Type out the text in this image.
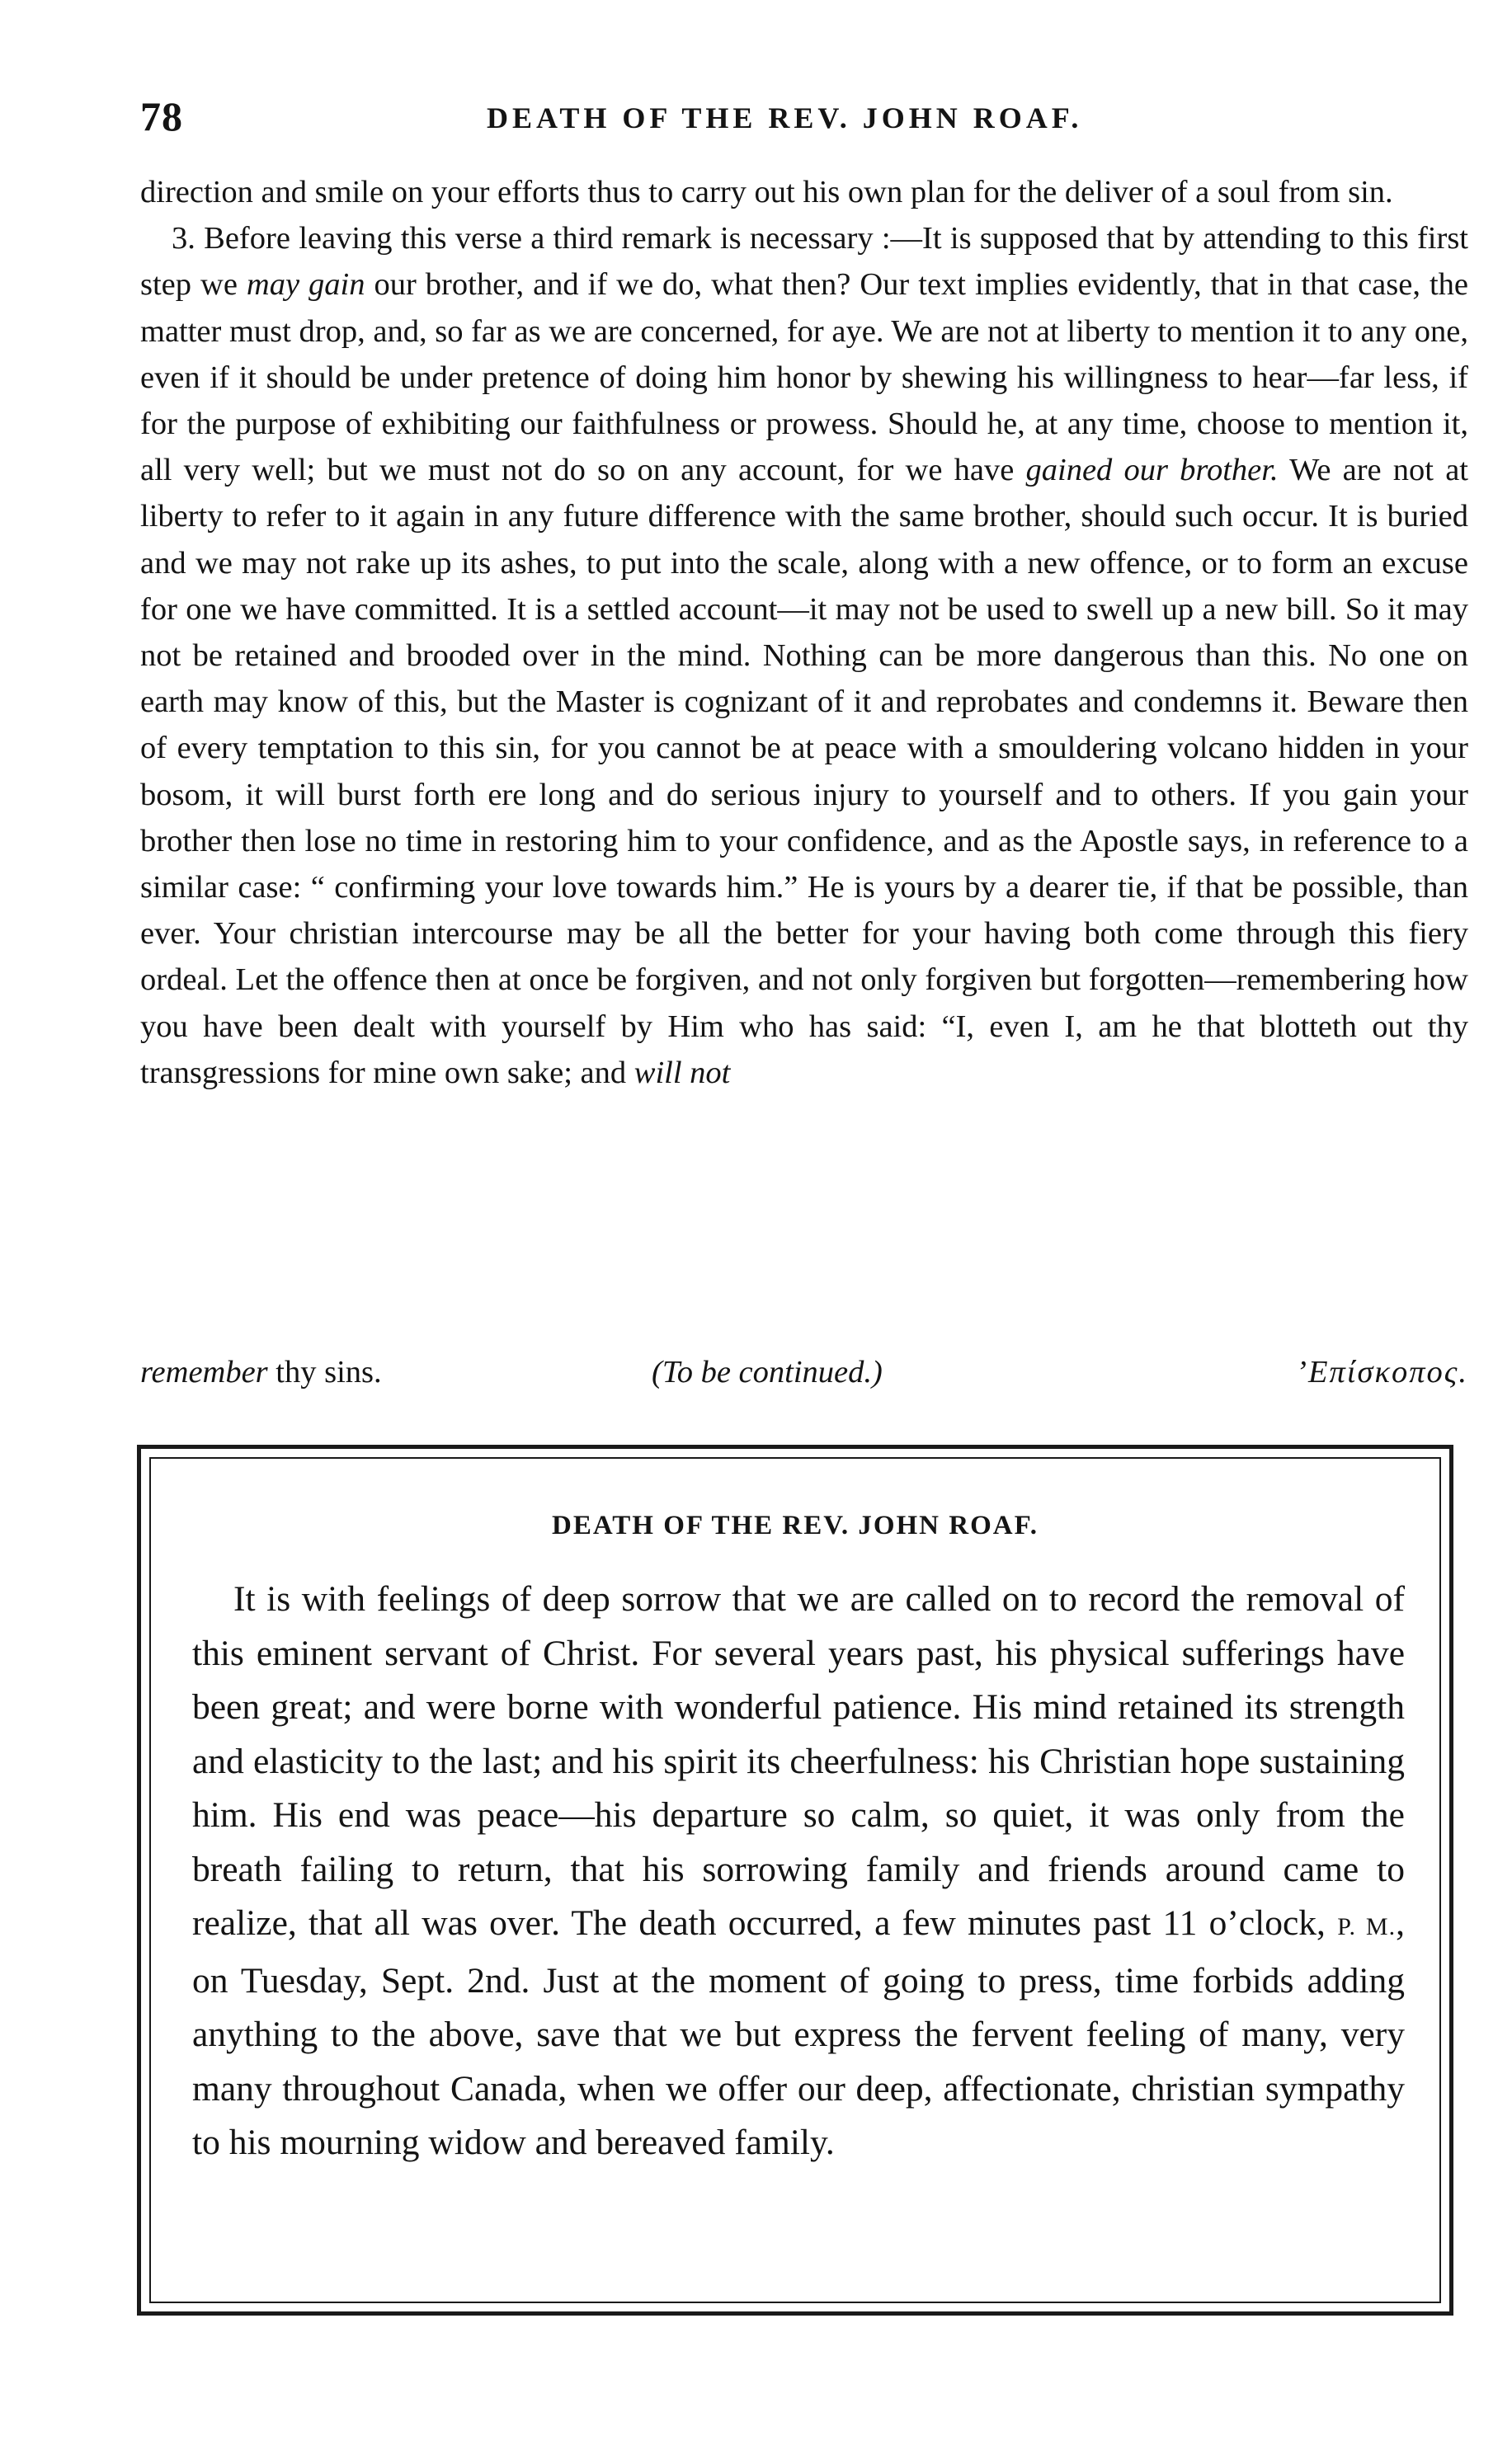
78	DEATH OF THE REV. JOHN ROAF.

direction and smile on your efforts thus to carry out his own plan for the deliver of a soul from sin.

3. Before leaving this verse a third remark is necessary :—It is supposed that by attending to this first step we may gain our brother, and if we do, what then? Our text implies evidently, that in that case, the matter must drop, and, so far as we are concerned, for aye. We are not at liberty to mention it to any one, even if it should be under pretence of doing him honor by shewing his willingness to hear—far less, if for the purpose of exhibiting our faithfulness or prowess. Should he, at any time, choose to mention it, all very well; but we must not do so on any account, for we have gained our brother. We are not at liberty to refer to it again in any future difference with the same brother, should such occur. It is buried and we may not rake up its ashes, to put into the scale, along with a new offence, or to form an excuse for one we have committed. It is a settled account—it may not be used to swell up a new bill. So it may not be retained and brooded over in the mind. Nothing can be more dangerous than this. No one on earth may know of this, but the Master is cognizant of it and reprobates and condemns it. Beware then of every temptation to this sin, for you cannot be at peace with a smouldering volcano hidden in your bosom, it will burst forth ere long and do serious injury to yourself and to others. If you gain your brother then lose no time in restoring him to your confidence, and as the Apostle says, in reference to a similar case: “ confirming your love towards him.” He is yours by a dearer tie, if that be possible, than ever. Your christian intercourse may be all the better for your having both come through this fiery ordeal. Let the offence then at once be forgiven, and not only forgiven but forgotten—remembering how you have been dealt with yourself by Him who has said: “I, even I, am he that blotteth out thy transgressions for mine own sake; and will not

remember thy sins.	(To be continued.)	’Επίσκοπος.
DEATH OF THE REV. JOHN ROAF.

It is with feelings of deep sorrow that we are called on to record the removal of this eminent servant of Christ. For several years past, his physical sufferings have been great; and were borne with wonderful patience. His mind retained its strength and elasticity to the last; and his spirit its cheerfulness: his Christian hope sustaining him. His end was peace—his departure so calm, so quiet, it was only from the breath failing to return, that his sorrowing family and friends around came to realize, that all was over. The death occurred, a few minutes past 11 o’clock, P. M., on Tuesday, Sept. 2nd. Just at the moment of going to press, time forbids adding anything to the above, save that we but express the fervent feeling of many, very many throughout Canada, when we offer our deep, affectionate, christian sympathy to his mourning widow and bereaved family.
